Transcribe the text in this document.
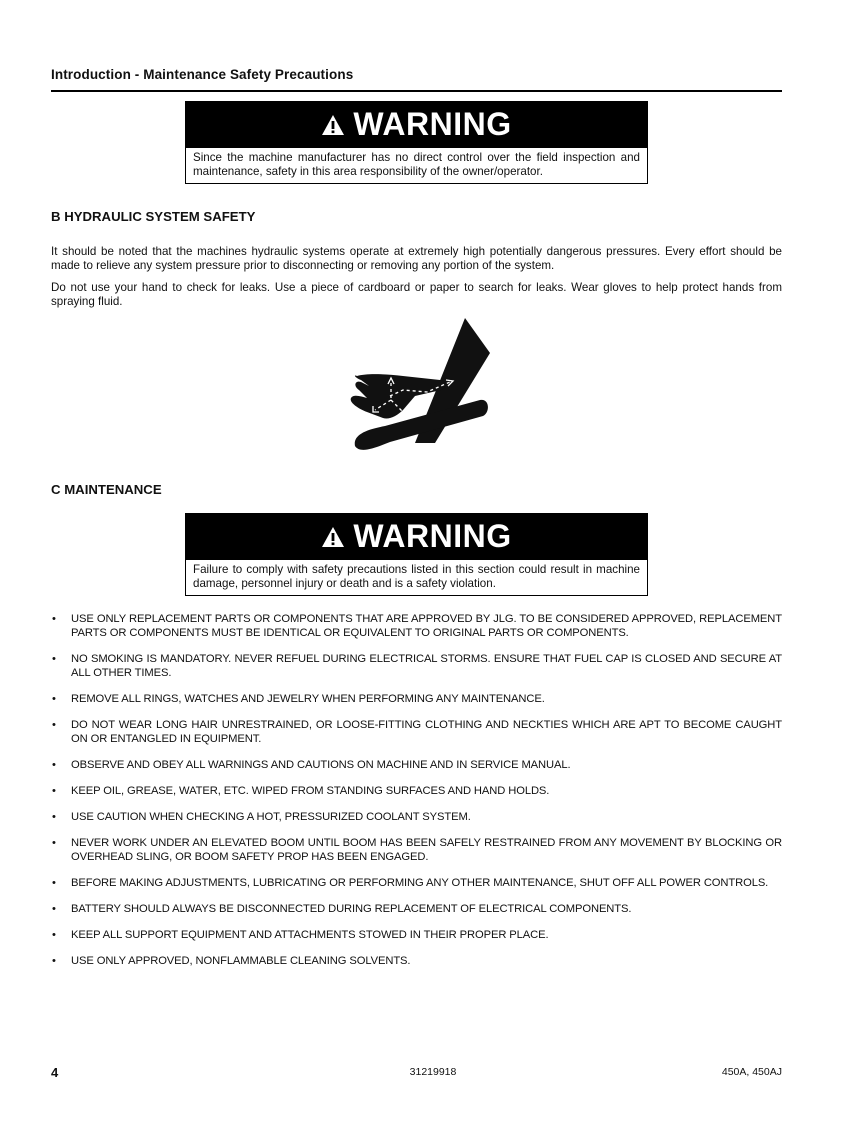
Introduction - Maintenance Safety Precautions
WARNING
Since the machine manufacturer has no direct control over the field inspection and maintenance, safety in this area responsibility of the owner/operator.
B HYDRAULIC SYSTEM SAFETY
It should be noted that the machines hydraulic systems operate at extremely high potentially dangerous pressures. Every effort should be made to relieve any system pressure prior to disconnecting or removing any portion of the system.
Do not use your hand to check for leaks. Use a piece of cardboard or paper to search for leaks. Wear gloves to help protect hands from spraying fluid.
C MAINTENANCE
WARNING
Failure to comply with safety precautions listed in this section could result in machine damage, personnel injury or death and is a safety violation.
• USE ONLY REPLACEMENT PARTS OR COMPONENTS THAT ARE APPROVED BY JLG. TO BE CONSIDERED APPROVED, REPLACEMENT PARTS OR COMPONENTS MUST BE IDENTICAL OR EQUIVALENT TO ORIGINAL PARTS OR COMPONENTS.
• NO SMOKING IS MANDATORY. NEVER REFUEL DURING ELECTRICAL STORMS. ENSURE THAT FUEL CAP IS CLOSED AND SECURE AT ALL OTHER TIMES.
• REMOVE ALL RINGS, WATCHES AND JEWELRY WHEN PERFORMING ANY MAINTENANCE.
• DO NOT WEAR LONG HAIR UNRESTRAINED, OR LOOSE-FITTING CLOTHING AND NECKTIES WHICH ARE APT TO BECOME CAUGHT ON OR ENTANGLED IN EQUIPMENT.
• OBSERVE AND OBEY ALL WARNINGS AND CAUTIONS ON MACHINE AND IN SERVICE MANUAL.
• KEEP OIL, GREASE, WATER, ETC. WIPED FROM STANDING SURFACES AND HAND HOLDS.
• USE CAUTION WHEN CHECKING A HOT, PRESSURIZED COOLANT SYSTEM.
• NEVER WORK UNDER AN ELEVATED BOOM UNTIL BOOM HAS BEEN SAFELY RESTRAINED FROM ANY MOVEMENT BY BLOCKING OR OVERHEAD SLING, OR BOOM SAFETY PROP HAS BEEN ENGAGED.
• BEFORE MAKING ADJUSTMENTS, LUBRICATING OR PERFORMING ANY OTHER MAINTENANCE, SHUT OFF ALL POWER CONTROLS.
• BATTERY SHOULD ALWAYS BE DISCONNECTED DURING REPLACEMENT OF ELECTRICAL COMPONENTS.
• KEEP ALL SUPPORT EQUIPMENT AND ATTACHMENTS STOWED IN THEIR PROPER PLACE.
• USE ONLY APPROVED, NONFLAMMABLE CLEANING SOLVENTS.
4	31219918	450A, 450AJ
